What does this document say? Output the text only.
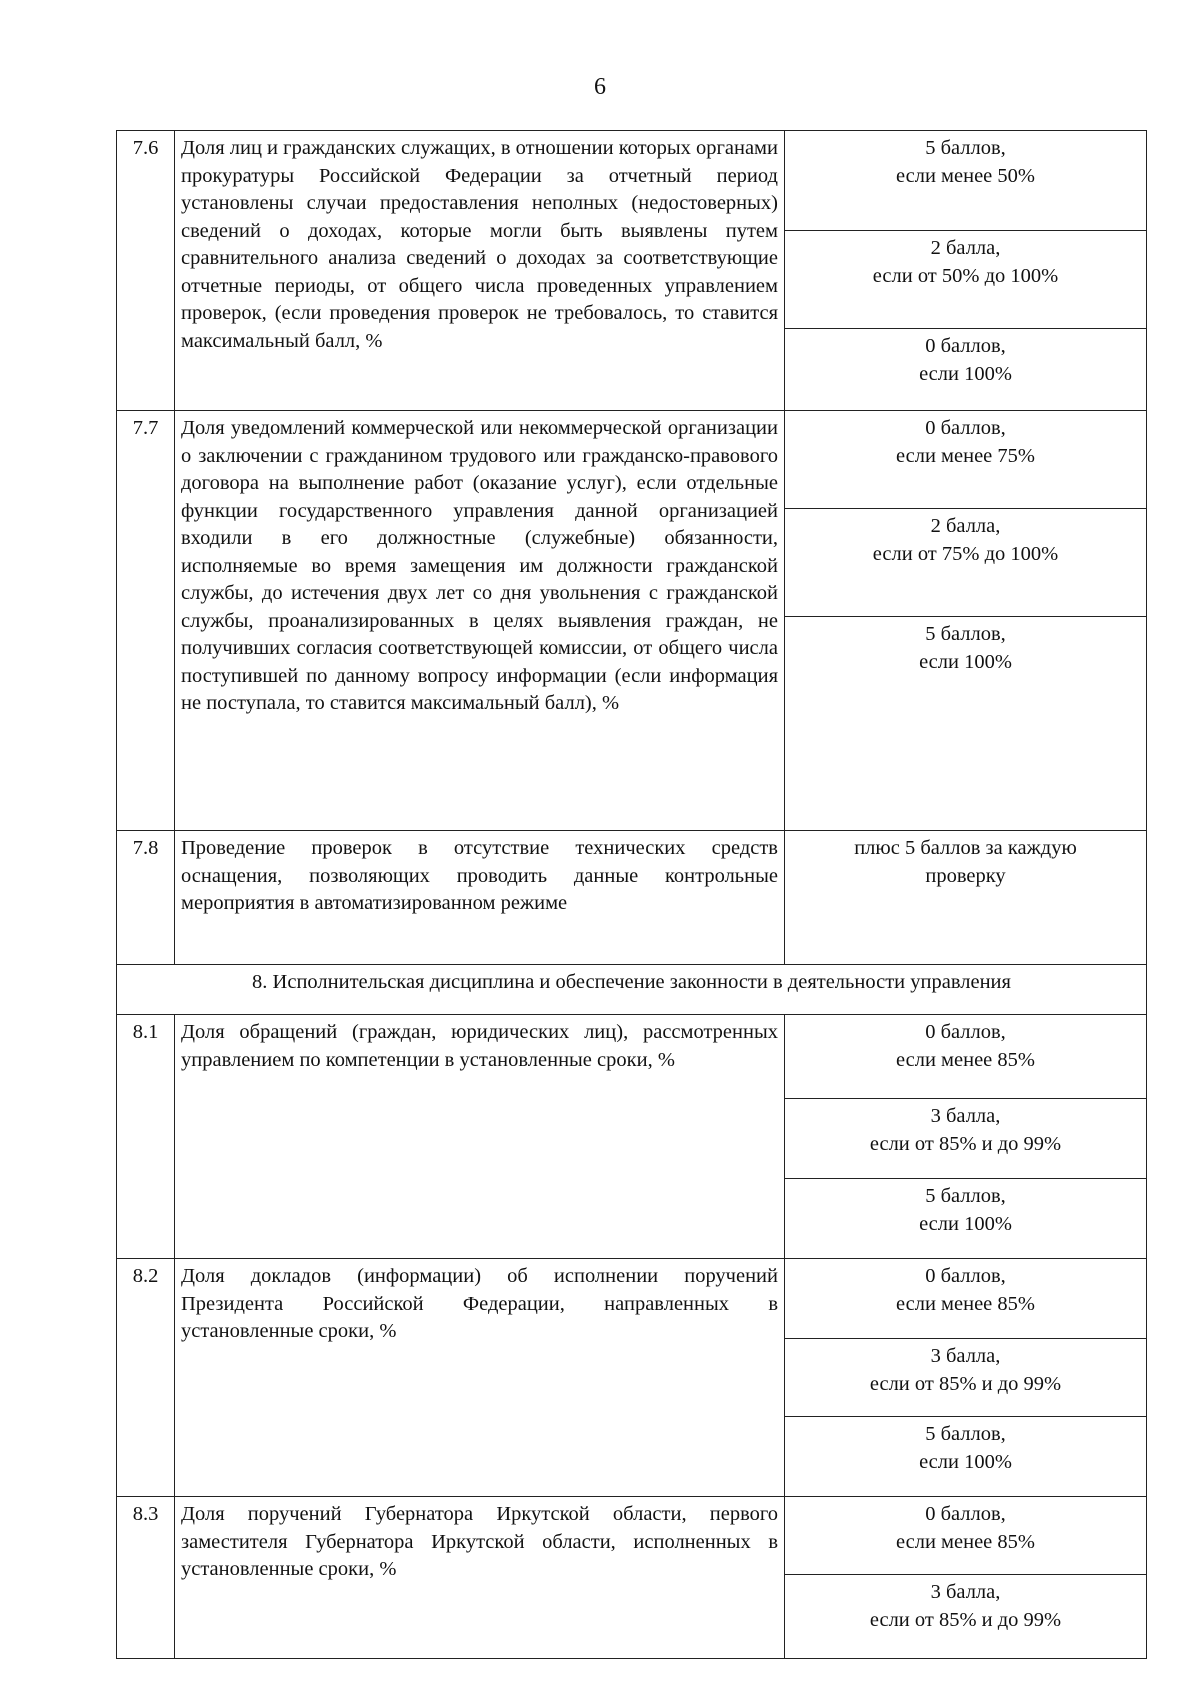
6
7.6	Доля лиц и гражданских служащих, в отношении которых органами прокуратуры Российской Федерации за отчетный период установлены случаи предоставления неполных (недостоверных) сведений о доходах, которые могли быть выявлены путем сравнительного анализа сведений о доходах за соответствующие отчетные периоды, от общего числа проведенных управлением проверок, (если проведения проверок не требовалось, то ставится максимальный балл, %	5 баллов,
если менее 50%

		2 балла,
если от 50% до 100%

		0 баллов,
если 100%

7.7	Доля уведомлений коммерческой или некоммерческой организации о заключении с гражданином трудового или гражданско-правового договора на выполнение работ (оказание услуг), если отдельные функции государственного управления данной организацией входили в его должностные (служебные) обязанности, исполняемые во время замещения им должности гражданской службы, до истечения двух лет со дня увольнения с гражданской службы, проанализированных в целях выявления граждан, не получивших согласия соответствующей комиссии, от общего числа поступившей по данному вопросу информации (если информация не поступала, то ставится максимальный балл), %	0 баллов,
если менее 75%

		2 балла,
если от 75% до 100%

		5 баллов,
если 100%

7.8	Проведение проверок в отсутствие технических средств оснащения, позволяющих проводить данные контрольные мероприятия в автоматизированном режиме	плюс 5 баллов за каждую
проверку

8. Исполнительская дисциплина и обеспечение законности в деятельности управления		
8.1	Доля обращений (граждан, юридических лиц), рассмотренных управлением по компетенции в установленные сроки, %	0 баллов,
если менее 85%

		3 балла,
если от 85% и до 99%

		5 баллов,
если 100%

8.2	Доля докладов (информации) об исполнении поручений Президента Российской Федерации, направленных в установленные сроки, %	0 баллов,
если менее 85%

		3 балла,
если от 85% и до 99%

		5 баллов,
если 100%

8.3	Доля поручений Губернатора Иркутской области, первого заместителя Губернатора Иркутской области, исполненных в установленные сроки, %	0 баллов,
если менее 85%

		3 балла,
если от 85% и до 99%
